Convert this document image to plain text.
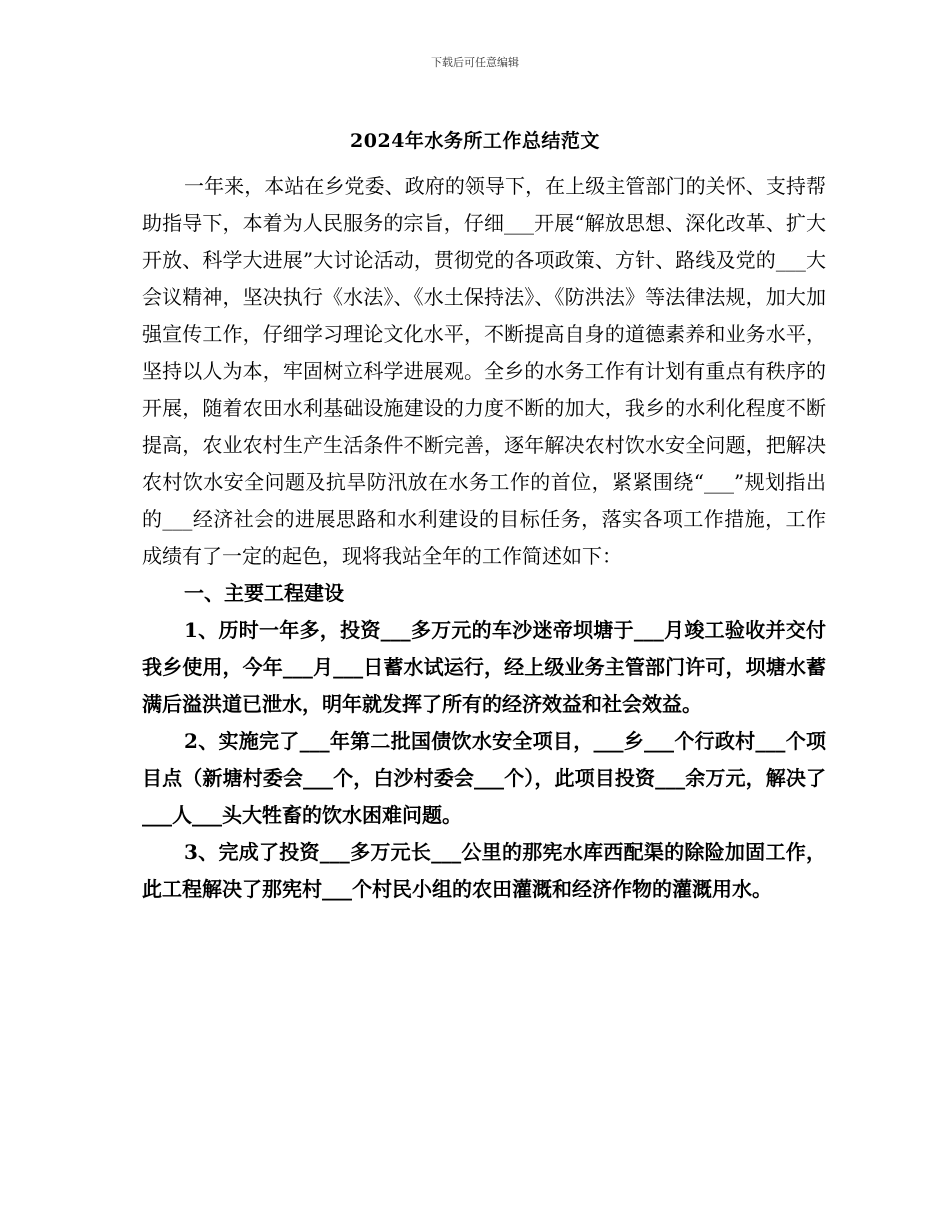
下载后可任意编辑
2024年水务所工作总结范文

一年来，本站在乡党委、政府的领导下，在上级主管部门的关怀、支持帮助指导下，本着为人民服务的宗旨，仔细___开展“解放思想、深化改革、扩大开放、科学大进展”大讨论活动，贯彻党的各项政策、方针、路线及党的___大会议精神，坚决执行《水法》、《水土保持法》、《防洪法》等法律法规，加大加强宣传工作，仔细学习理论文化水平，不断提高自身的道德素养和业务水平，坚持以人为本，牢固树立科学进展观。全乡的水务工作有计划有重点有秩序的开展，随着农田水利基础设施建设的力度不断的加大，我乡的水利化程度不断提高，农业农村生产生活条件不断完善，逐年解决农村饮水安全问题，把解决农村饮水安全问题及抗旱防汛放在水务工作的首位，紧紧围绕“___”规划指出的___经济社会的进展思路和水利建设的目标任务，落实各项工作措施，工作成绩有了一定的起色，现将我站全年的工作简述如下：

一、主要工程建设

1、历时一年多，投资___多万元的车沙迷帝坝塘于___月竣工验收并交付我乡使用，今年___月___日蓄水试运行，经上级业务主管部门许可，坝塘水蓄满后溢洪道已泄水，明年就发挥了所有的经济效益和社会效益。

2、实施完了___年第二批国债饮水安全项目，___乡___个行政村___个项目点（新塘村委会___个，白沙村委会___个），此项目投资___余万元，解决了___人___头大牲畜的饮水困难问题。

3、完成了投资___多万元长___公里的那宪水库西配渠的除险加固工作，此工程解决了那宪村___个村民小组的农田灌溉和经济作物的灌溉用水。
